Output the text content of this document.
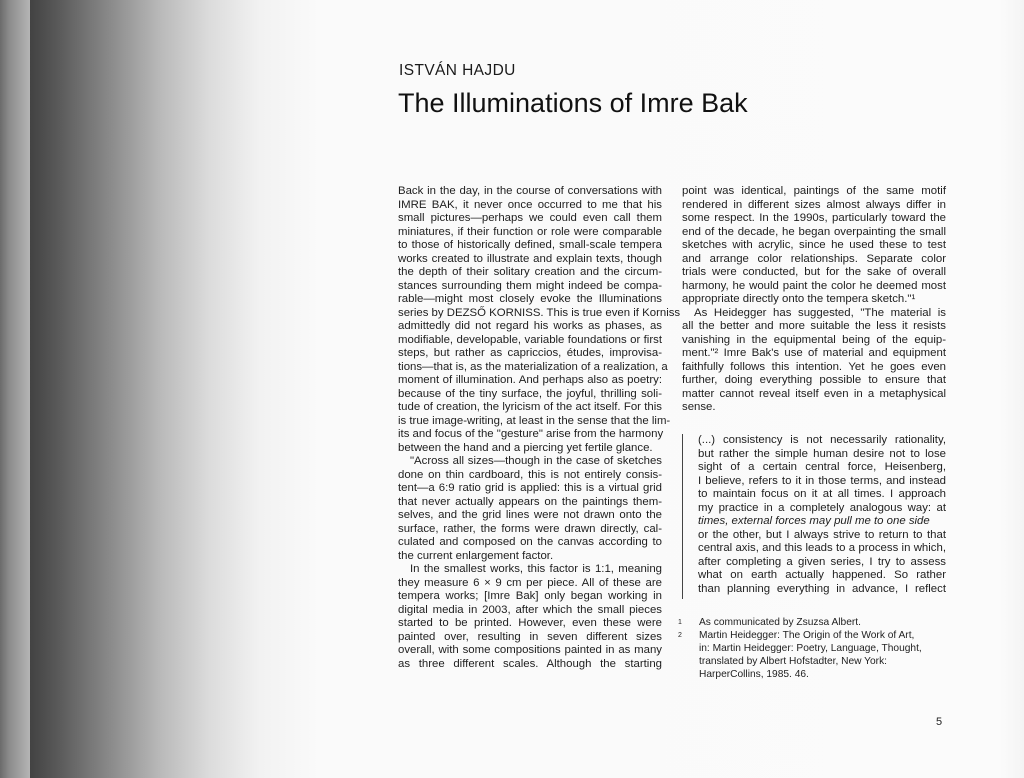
ISTVÁN HAJDU
The Illuminations of Imre Bak
Back in the day, in the course of conversations with
IMRE BAK, it never once occurred to me that his
small pictures—perhaps we could even call them
miniatures, if their function or role were comparable
to those of historically defined, small-scale tempera
works created to illustrate and explain texts, though
the depth of their solitary creation and the circum-
stances surrounding them might indeed be compa-
rable—might most closely evoke the Illuminations
series by DEZSŐ KORNISS. This is true even if Korniss
admittedly did not regard his works as phases, as
modifiable, developable, variable foundations or first
steps, but rather as capriccios, études, improvisa-
tions—that is, as the materialization of a realization, a
moment of illumination. And perhaps also as poetry:
because of the tiny surface, the joyful, thrilling soli-
tude of creation, the lyricism of the act itself. For this
is true image-writing, at least in the sense that the lim-
its and focus of the "gesture" arise from the harmony
between the hand and a piercing yet fertile glance.
"Across all sizes—though in the case of sketches
done on thin cardboard, this is not entirely consis-
tent—a 6:9 ratio grid is applied: this is a virtual grid
that never actually appears on the paintings them-
selves, and the grid lines were not drawn onto the
surface, rather, the forms were drawn directly, cal-
culated and composed on the canvas according to
the current enlargement factor.
In the smallest works, this factor is 1:1, meaning
they measure 6 × 9 cm per piece. All of these are
tempera works; [Imre Bak] only began working in
digital media in 2003, after which the small pieces
started to be printed. However, even these were
painted over, resulting in seven different sizes
overall, with some compositions painted in as many
as three different scales. Although the starting
point was identical, paintings of the same motif
rendered in different sizes almost always differ in
some respect. In the 1990s, particularly toward the
end of the decade, he began overpainting the small
sketches with acrylic, since he used these to test
and arrange color relationships. Separate color
trials were conducted, but for the sake of overall
harmony, he would paint the color he deemed most
appropriate directly onto the tempera sketch."¹
As Heidegger has suggested, "The material is
all the better and more suitable the less it resists
vanishing in the equipmental being of the equip-
ment."² Imre Bak's use of material and equipment
faithfully follows this intention. Yet he goes even
further, doing everything possible to ensure that
matter cannot reveal itself even in a metaphysical
sense.
(...) consistency is not necessarily rationality,
but rather the simple human desire not to lose
sight of a certain central force, Heisenberg,
I believe, refers to it in those terms, and instead
to maintain focus on it at all times. I approach
my practice in a completely analogous way: at
times, external forces may pull me to one side
or the other, but I always strive to return to that
central axis, and this leads to a process in which,
after completing a given series, I try to assess
what on earth actually happened. So rather
than planning everything in advance, I reflect
1 As communicated by Zsuzsa Albert.
2 Martin Heidegger: The Origin of the Work of Art,
in: Martin Heidegger: Poetry, Language, Thought,
translated by Albert Hofstadter, New York:
HarperCollins, 1985. 46.
5
